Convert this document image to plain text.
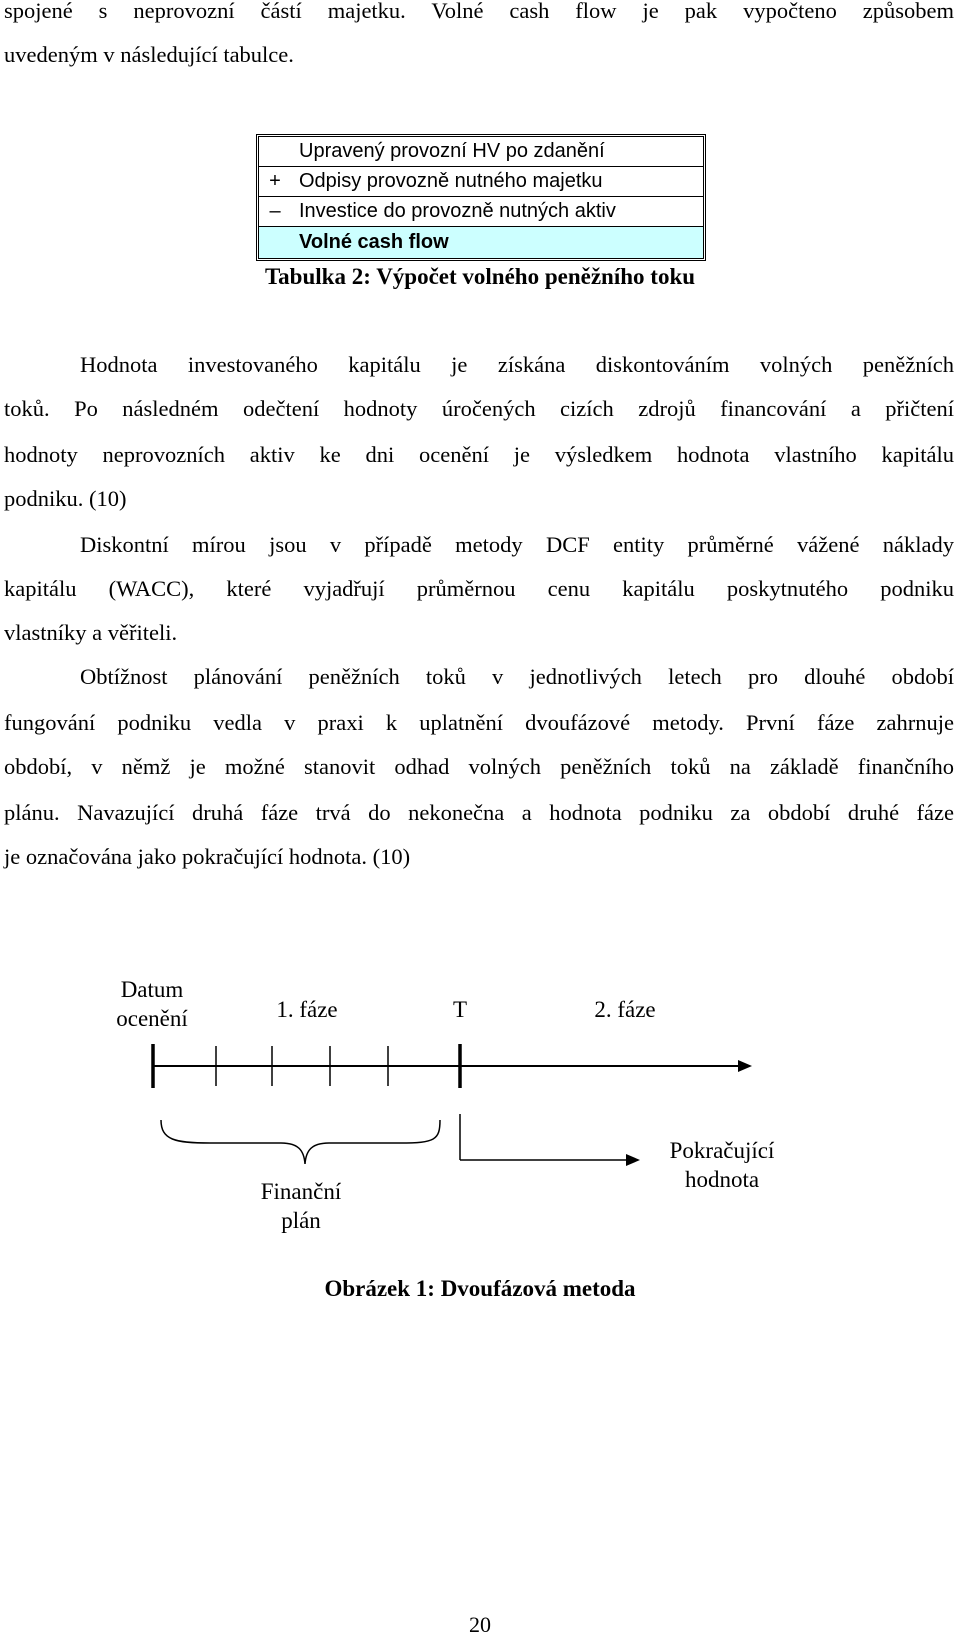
spojené s neprovozní částí majetku. Volné cash flow je pak vypočteno způsobem
uvedeným v následující tabulce.
Upravený provozní HV po zdanění
+ Odpisy provozně nutného majetku
– Investice do provozně nutných aktiv
Volné cash flow
Tabulka 2: Výpočet volného peněžního toku
Hodnota investovaného kapitálu je získána diskontováním volných peněžních
toků. Po následném odečtení hodnoty úročených cizích zdrojů financování a přičtení
hodnoty neprovozních aktiv ke dni ocenění je výsledkem hodnota vlastního kapitálu
podniku. (10)
Diskontní mírou jsou v případě metody DCF entity průměrné vážené náklady
kapitálu (WACC), které vyjadřují průměrnou cenu kapitálu poskytnutého podniku
vlastníky a věřiteli.
Obtížnost plánování peněžních toků v jednotlivých letech pro dlouhé období
fungování podniku vedla v praxi k uplatnění dvoufázové metody. První fáze zahrnuje
období, v němž je možné stanovit odhad volných peněžních toků na základě finančního
plánu. Navazující druhá fáze trvá do nekonečna a hodnota podniku za období druhé fáze
je označována jako pokračující hodnota. (10)
Datum
ocenění	1. fáze	T	2. fáze
Finanční
plán
Pokračující
hodnota
Obrázek 1: Dvoufázová metoda
20
